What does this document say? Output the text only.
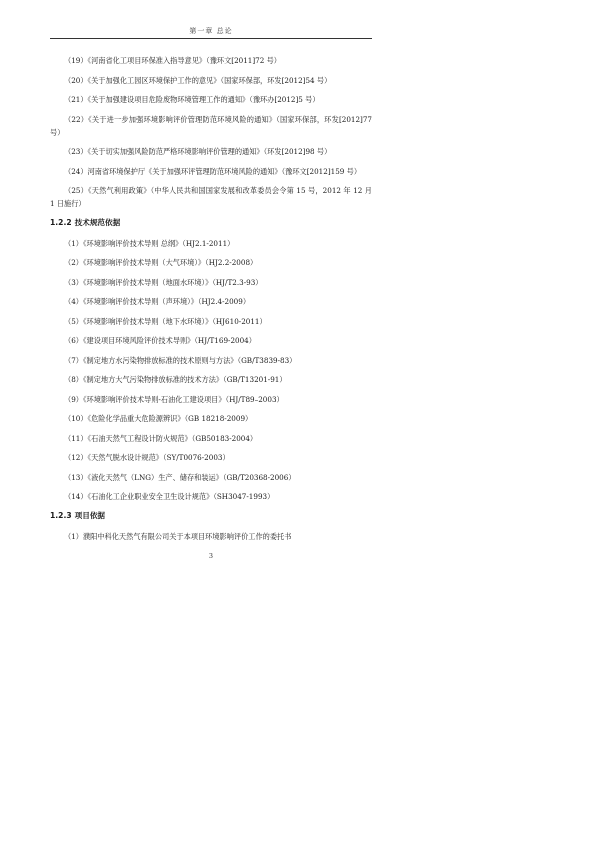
第一章 总论

（19）《河南省化工项目环保准入指导意见》（豫环文[2011]72 号）

（20）《关于加强化工园区环境保护工作的意见》（国家环保部，环发[2012]54 号）

（21）《关于加强建设项目危险废物环境管理工作的通知》（豫环办[2012]5 号）

（22）《关于进一步加强环境影响评价管理防范环境风险的通知》（国家环保部，环发[2012]77 号）

（23）《关于切实加强风险防范严格环境影响评价管理的通知》（环发[2012]98 号）

（24）河南省环境保护厅《关于加强环评管理防范环境风险的通知》（豫环文[2012]159 号）

（25）《天然气利用政策》（中华人民共和国国家发展和改革委员会令第 15 号，2012 年 12 月 1 日施行）

1.2.2 技术规范依据

（1）《环境影响评价技术导则 总纲》（HJ2.1-2011）

（2）《环境影响评价技术导则（大气环境）》（HJ2.2-2008）

（3）《环境影响评价技术导则（地面水环境）》（HJ/T2.3-93）

（4）《环境影响评价技术导则（声环境）》（HJ2.4-2009）

（5）《环境影响评价技术导则（地下水环境）》（HJ610-2011）

（6）《建设项目环境风险评价技术导则》（HJ/T169-2004）

（7）《制定地方水污染物排放标准的技术原则与方法》（GB/T3839-83）

（8）《制定地方大气污染物排放标准的技术方法》（GB/T13201-91）

（9）《环境影响评价技术导则-石油化工建设项目》（HJ/T89–2003）

（10）《危险化学品重大危险源辨识》（GB 18218-2009）

（11）《石油天然气工程设计防火规范》（GB50183-2004）

（12）《天然气脱水设计规范》（SY/T0076-2003）

（13）《液化天然气（LNG）生产、储存和装运》（GB/T20368-2006）

（14）《石油化工企业职业安全卫生设计规范》（SH3047-1993）

1.2.3 项目依据

（1）濮阳中科化天然气有限公司关于本项目环境影响评价工作的委托书

3
